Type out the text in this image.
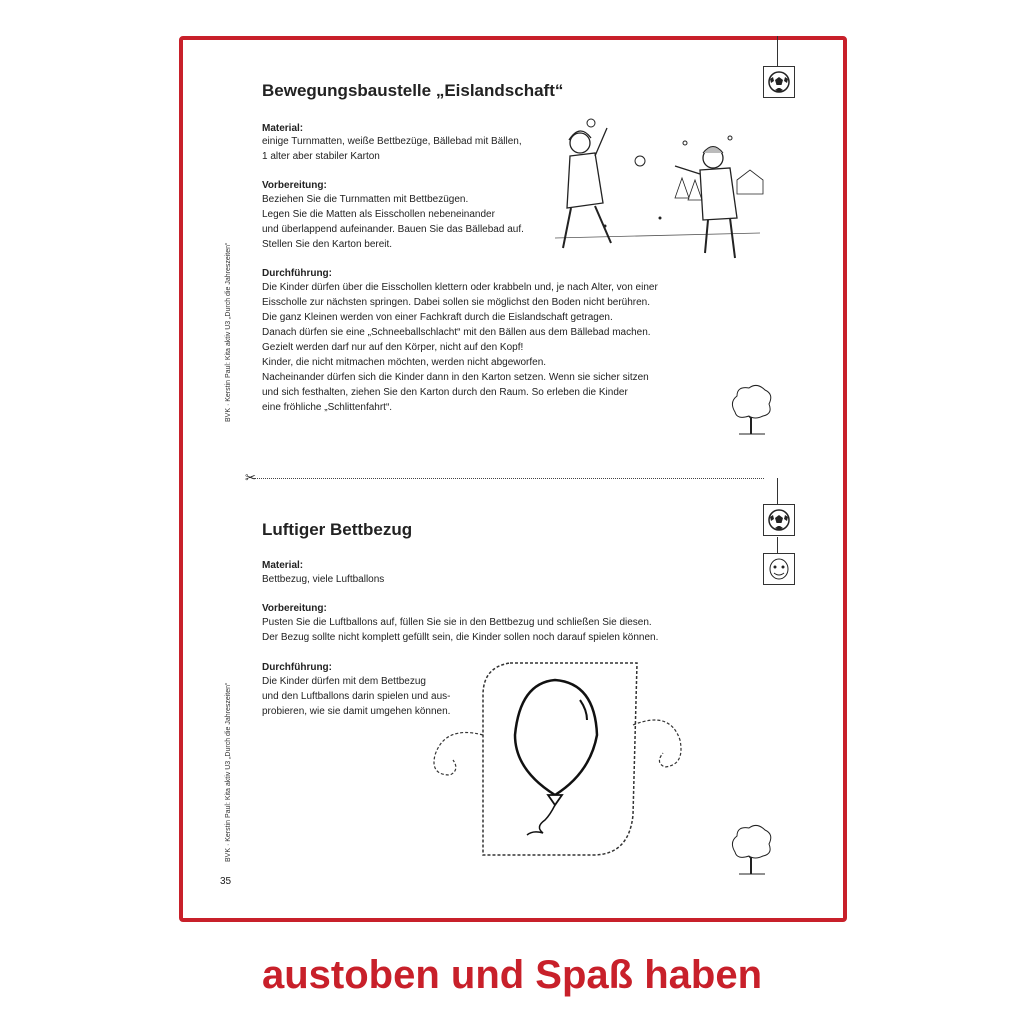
Bewegungsbaustelle „Eislandschaft“
Material:
einige Turnmatten, weiße Bettbezüge, Bällebad mit Bällen,
1 alter aber stabiler Karton
Vorbereitung:
Beziehen Sie die Turnmatten mit Bettbezügen.
Legen Sie die Matten als Eisschollen nebeneinander
und überlappend aufeinander. Bauen Sie das Bällebad auf.
Stellen Sie den Karton bereit.
Durchführung:
Die Kinder dürfen über die Eisschollen klettern oder krabbeln und, je nach Alter, von einer
Eisscholle zur nächsten springen. Dabei sollen sie möglichst den Boden nicht berühren.
Die ganz Kleinen werden von einer Fachkraft durch die Eislandschaft getragen.
Danach dürfen sie eine „Schneeballschlacht“ mit den Bällen aus dem Bällebad machen.
Gezielt werden darf nur auf den Körper, nicht auf den Kopf!
Kinder, die nicht mitmachen möchten, werden nicht abgeworfen.
Nacheinander dürfen sich die Kinder dann in den Karton setzen. Wenn sie sicher sitzen
und sich festhalten, ziehen Sie den Karton durch den Raum. So erleben die Kinder
eine fröhliche „Schlittenfahrt“.
✂
Luftiger Bettbezug
Material:
Bettbezug, viele Luftballons
Vorbereitung:
Pusten Sie die Luftballons auf, füllen Sie sie in den Bettbezug und schließen Sie diesen.
Der Bezug sollte nicht komplett gefüllt sein, die Kinder sollen noch darauf spielen können.
Durchführung:
Die Kinder dürfen mit dem Bettbezug
und den Luftballons darin spielen und aus-
probieren, wie sie damit umgehen können.
BVK · Kerstin Paul: Kita aktiv U3 „Durch die Jahreszeiten“
BVK · Kerstin Paul: Kita aktiv U3 „Durch die Jahreszeiten“
35
austoben und Spaß haben
